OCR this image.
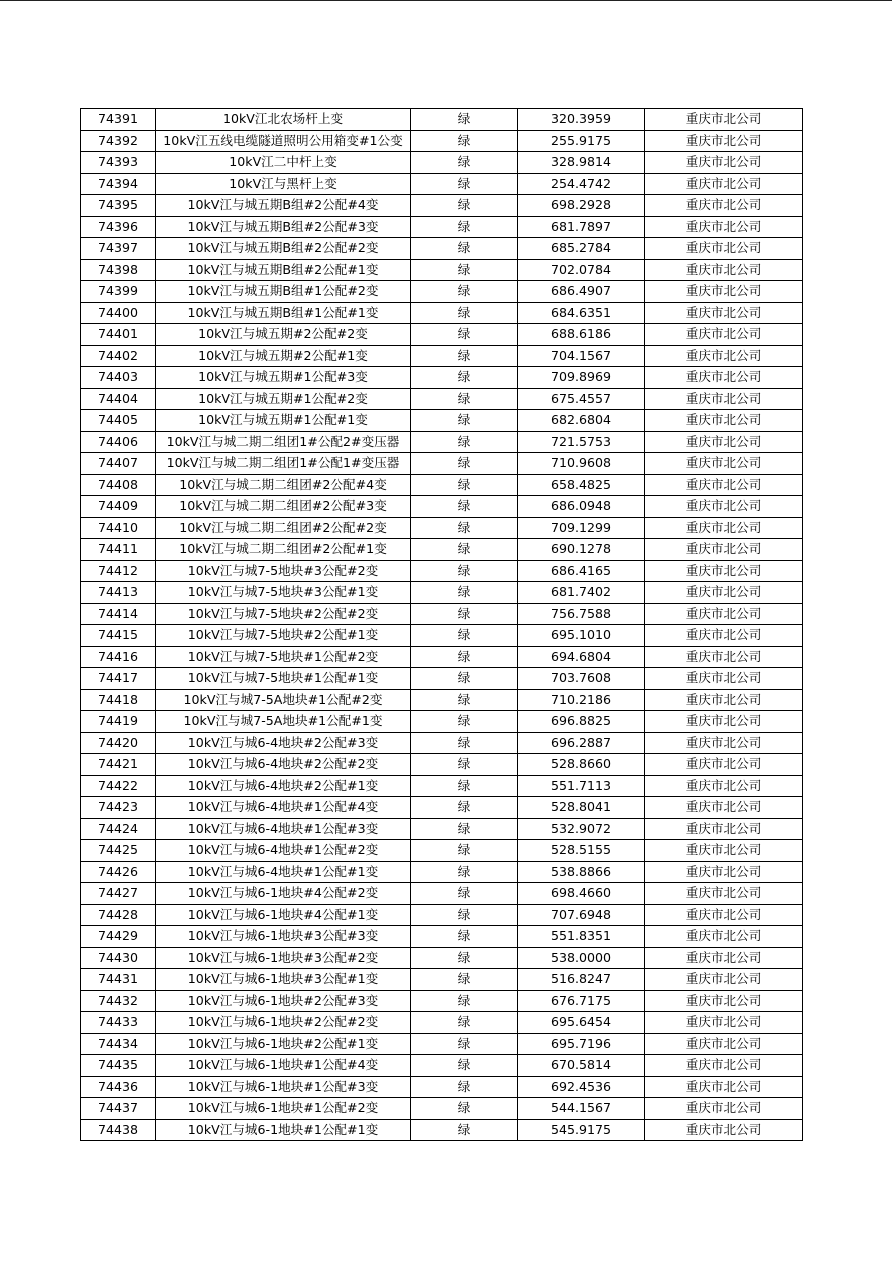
74391	10kV江北农场杆上变	绿	320.3959	重庆市北公司
74392	10kV江五线电缆隧道照明公用箱变#1公变	绿	255.9175	重庆市北公司
74393	10kV江二中杆上变	绿	328.9814	重庆市北公司
74394	10kV江与黑杆上变	绿	254.4742	重庆市北公司
74395	10kV江与城五期B组#2公配#4变	绿	698.2928	重庆市北公司
74396	10kV江与城五期B组#2公配#3变	绿	681.7897	重庆市北公司
74397	10kV江与城五期B组#2公配#2变	绿	685.2784	重庆市北公司
74398	10kV江与城五期B组#2公配#1变	绿	702.0784	重庆市北公司
74399	10kV江与城五期B组#1公配#2变	绿	686.4907	重庆市北公司
74400	10kV江与城五期B组#1公配#1变	绿	684.6351	重庆市北公司
74401	10kV江与城五期#2公配#2变	绿	688.6186	重庆市北公司
74402	10kV江与城五期#2公配#1变	绿	704.1567	重庆市北公司
74403	10kV江与城五期#1公配#3变	绿	709.8969	重庆市北公司
74404	10kV江与城五期#1公配#2变	绿	675.4557	重庆市北公司
74405	10kV江与城五期#1公配#1变	绿	682.6804	重庆市北公司
74406	10kV江与城二期二组团1#公配2#变压器	绿	721.5753	重庆市北公司
74407	10kV江与城二期二组团1#公配1#变压器	绿	710.9608	重庆市北公司
74408	10kV江与城二期二组团#2公配#4变	绿	658.4825	重庆市北公司
74409	10kV江与城二期二组团#2公配#3变	绿	686.0948	重庆市北公司
74410	10kV江与城二期二组团#2公配#2变	绿	709.1299	重庆市北公司
74411	10kV江与城二期二组团#2公配#1变	绿	690.1278	重庆市北公司
74412	10kV江与城7-5地块#3公配#2变	绿	686.4165	重庆市北公司
74413	10kV江与城7-5地块#3公配#1变	绿	681.7402	重庆市北公司
74414	10kV江与城7-5地块#2公配#2变	绿	756.7588	重庆市北公司
74415	10kV江与城7-5地块#2公配#1变	绿	695.1010	重庆市北公司
74416	10kV江与城7-5地块#1公配#2变	绿	694.6804	重庆市北公司
74417	10kV江与城7-5地块#1公配#1变	绿	703.7608	重庆市北公司
74418	10kV江与城7-5A地块#1公配#2变	绿	710.2186	重庆市北公司
74419	10kV江与城7-5A地块#1公配#1变	绿	696.8825	重庆市北公司
74420	10kV江与城6-4地块#2公配#3变	绿	696.2887	重庆市北公司
74421	10kV江与城6-4地块#2公配#2变	绿	528.8660	重庆市北公司
74422	10kV江与城6-4地块#2公配#1变	绿	551.7113	重庆市北公司
74423	10kV江与城6-4地块#1公配#4变	绿	528.8041	重庆市北公司
74424	10kV江与城6-4地块#1公配#3变	绿	532.9072	重庆市北公司
74425	10kV江与城6-4地块#1公配#2变	绿	528.5155	重庆市北公司
74426	10kV江与城6-4地块#1公配#1变	绿	538.8866	重庆市北公司
74427	10kV江与城6-1地块#4公配#2变	绿	698.4660	重庆市北公司
74428	10kV江与城6-1地块#4公配#1变	绿	707.6948	重庆市北公司
74429	10kV江与城6-1地块#3公配#3变	绿	551.8351	重庆市北公司
74430	10kV江与城6-1地块#3公配#2变	绿	538.0000	重庆市北公司
74431	10kV江与城6-1地块#3公配#1变	绿	516.8247	重庆市北公司
74432	10kV江与城6-1地块#2公配#3变	绿	676.7175	重庆市北公司
74433	10kV江与城6-1地块#2公配#2变	绿	695.6454	重庆市北公司
74434	10kV江与城6-1地块#2公配#1变	绿	695.7196	重庆市北公司
74435	10kV江与城6-1地块#1公配#4变	绿	670.5814	重庆市北公司
74436	10kV江与城6-1地块#1公配#3变	绿	692.4536	重庆市北公司
74437	10kV江与城6-1地块#1公配#2变	绿	544.1567	重庆市北公司
74438	10kV江与城6-1地块#1公配#1变	绿	545.9175	重庆市北公司
